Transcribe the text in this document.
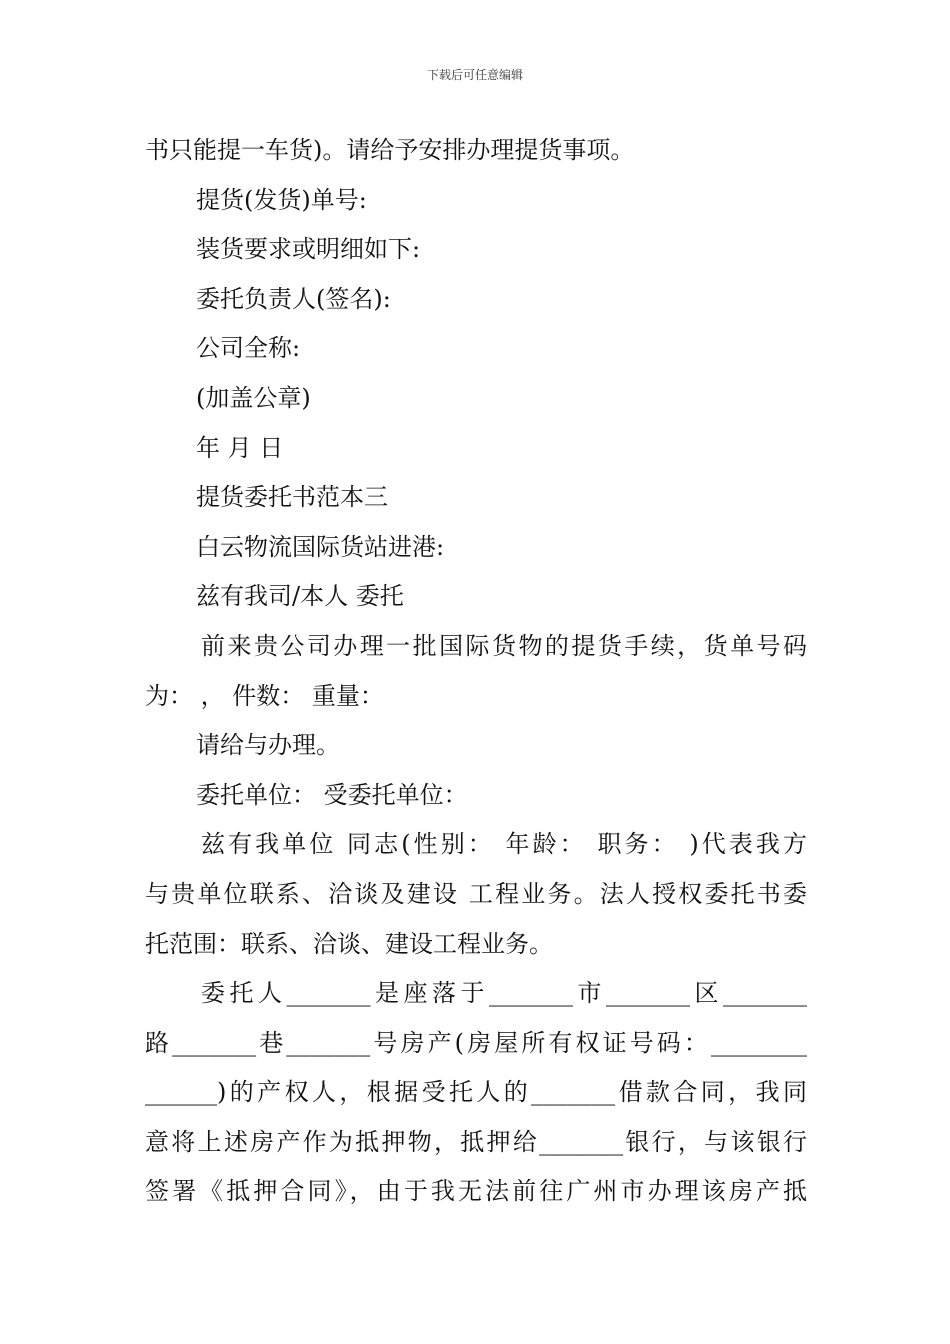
下载后可任意编辑
书只能提一车货)。请给予安排办理提货事项。
提货(发货)单号:
装货要求或明细如下:
委托负责人(签名):
公司全称:
(加盖公章)
年 月 日
提货委托书范本三
白云物流国际货站进港:
兹有我司/本人 委托
前来贵公司办理一批国际货物的提货手续，货单号码
为： ， 件数： 重量：
请给与办理。
委托单位： 受委托单位：
兹有我单位 同志(性别： 年龄： 职务： )代表我方
与贵单位联系、洽谈及建设 工程业务。法人授权委托书委
托范围：联系、洽谈、建设工程业务。
委托人_______是座落于_______市_______区_______
路_______巷_______号房产(房屋所有权证号码：________
______)的产权人，根据受托人的_______借款合同，我同
意将上述房产作为抵押物，抵押给_______银行，与该银行
签署《抵押合同》，由于我无法前往广州市办理该房产抵
